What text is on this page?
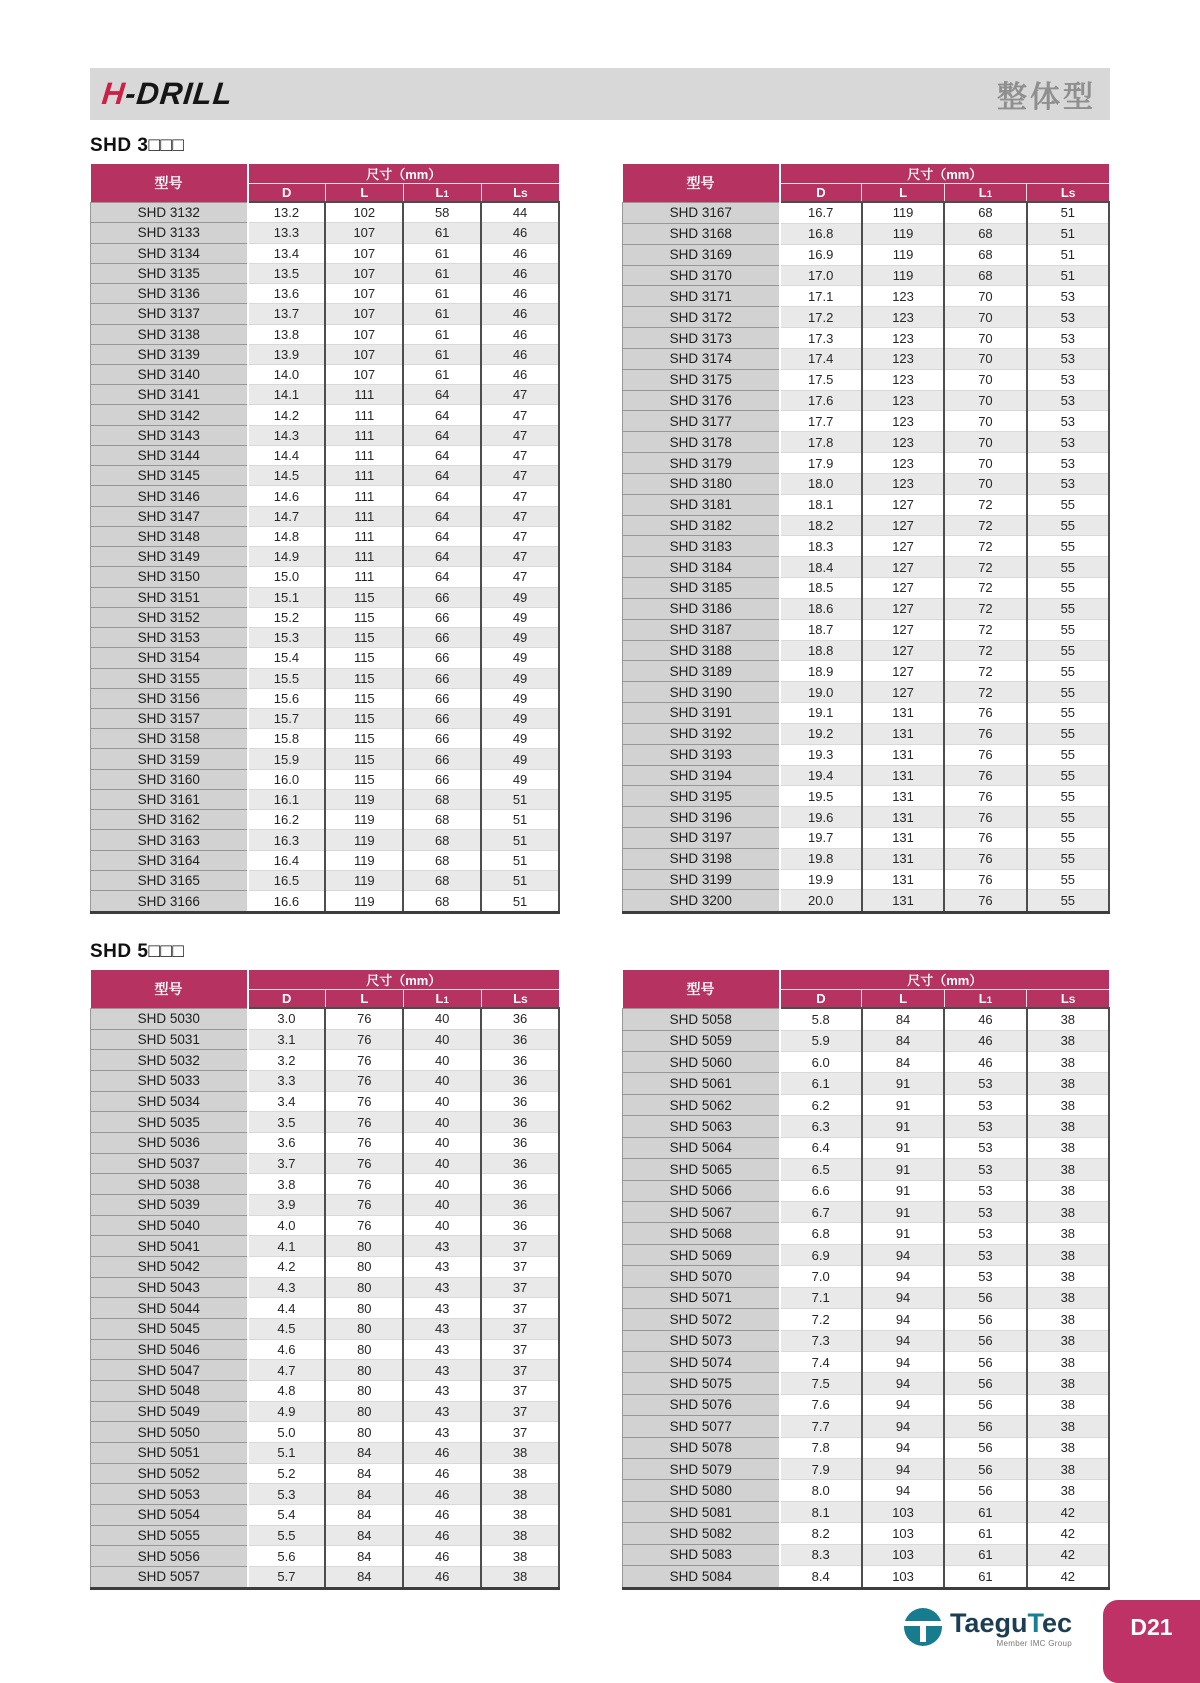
H-DRILL	整体型
SHD 3□□□
型号	尺寸（mm）			
	D	L	L1	LS
SHD 3132	13.2	102	58	44
SHD 3133	13.3	107	61	46
SHD 3134	13.4	107	61	46
SHD 3135	13.5	107	61	46
SHD 3136	13.6	107	61	46
SHD 3137	13.7	107	61	46
SHD 3138	13.8	107	61	46
SHD 3139	13.9	107	61	46
SHD 3140	14.0	107	61	46
SHD 3141	14.1	111	64	47
SHD 3142	14.2	111	64	47
SHD 3143	14.3	111	64	47
SHD 3144	14.4	111	64	47
SHD 3145	14.5	111	64	47
SHD 3146	14.6	111	64	47
SHD 3147	14.7	111	64	47
SHD 3148	14.8	111	64	47
SHD 3149	14.9	111	64	47
SHD 3150	15.0	111	64	47
SHD 3151	15.1	115	66	49
SHD 3152	15.2	115	66	49
SHD 3153	15.3	115	66	49
SHD 3154	15.4	115	66	49
SHD 3155	15.5	115	66	49
SHD 3156	15.6	115	66	49
SHD 3157	15.7	115	66	49
SHD 3158	15.8	115	66	49
SHD 3159	15.9	115	66	49
SHD 3160	16.0	115	66	49
SHD 3161	16.1	119	68	51
SHD 3162	16.2	119	68	51
SHD 3163	16.3	119	68	51
SHD 3164	16.4	119	68	51
SHD 3165	16.5	119	68	51
SHD 3166	16.6	119	68	51
型号	尺寸（mm）			
	D	L	L1	LS
SHD 3167	16.7	119	68	51
SHD 3168	16.8	119	68	51
SHD 3169	16.9	119	68	51
SHD 3170	17.0	119	68	51
SHD 3171	17.1	123	70	53
SHD 3172	17.2	123	70	53
SHD 3173	17.3	123	70	53
SHD 3174	17.4	123	70	53
SHD 3175	17.5	123	70	53
SHD 3176	17.6	123	70	53
SHD 3177	17.7	123	70	53
SHD 3178	17.8	123	70	53
SHD 3179	17.9	123	70	53
SHD 3180	18.0	123	70	53
SHD 3181	18.1	127	72	55
SHD 3182	18.2	127	72	55
SHD 3183	18.3	127	72	55
SHD 3184	18.4	127	72	55
SHD 3185	18.5	127	72	55
SHD 3186	18.6	127	72	55
SHD 3187	18.7	127	72	55
SHD 3188	18.8	127	72	55
SHD 3189	18.9	127	72	55
SHD 3190	19.0	127	72	55
SHD 3191	19.1	131	76	55
SHD 3192	19.2	131	76	55
SHD 3193	19.3	131	76	55
SHD 3194	19.4	131	76	55
SHD 3195	19.5	131	76	55
SHD 3196	19.6	131	76	55
SHD 3197	19.7	131	76	55
SHD 3198	19.8	131	76	55
SHD 3199	19.9	131	76	55
SHD 3200	20.0	131	76	55
SHD 5□□□
型号	尺寸（mm）			
	D	L	L1	LS
SHD 5030	3.0	76	40	36
SHD 5031	3.1	76	40	36
SHD 5032	3.2	76	40	36
SHD 5033	3.3	76	40	36
SHD 5034	3.4	76	40	36
SHD 5035	3.5	76	40	36
SHD 5036	3.6	76	40	36
SHD 5037	3.7	76	40	36
SHD 5038	3.8	76	40	36
SHD 5039	3.9	76	40	36
SHD 5040	4.0	76	40	36
SHD 5041	4.1	80	43	37
SHD 5042	4.2	80	43	37
SHD 5043	4.3	80	43	37
SHD 5044	4.4	80	43	37
SHD 5045	4.5	80	43	37
SHD 5046	4.6	80	43	37
SHD 5047	4.7	80	43	37
SHD 5048	4.8	80	43	37
SHD 5049	4.9	80	43	37
SHD 5050	5.0	80	43	37
SHD 5051	5.1	84	46	38
SHD 5052	5.2	84	46	38
SHD 5053	5.3	84	46	38
SHD 5054	5.4	84	46	38
SHD 5055	5.5	84	46	38
SHD 5056	5.6	84	46	38
SHD 5057	5.7	84	46	38
型号	尺寸（mm）			
	D	L	L1	LS
SHD 5058	5.8	84	46	38
SHD 5059	5.9	84	46	38
SHD 5060	6.0	84	46	38
SHD 5061	6.1	91	53	38
SHD 5062	6.2	91	53	38
SHD 5063	6.3	91	53	38
SHD 5064	6.4	91	53	38
SHD 5065	6.5	91	53	38
SHD 5066	6.6	91	53	38
SHD 5067	6.7	91	53	38
SHD 5068	6.8	91	53	38
SHD 5069	6.9	94	53	38
SHD 5070	7.0	94	53	38
SHD 5071	7.1	94	56	38
SHD 5072	7.2	94	56	38
SHD 5073	7.3	94	56	38
SHD 5074	7.4	94	56	38
SHD 5075	7.5	94	56	38
SHD 5076	7.6	94	56	38
SHD 5077	7.7	94	56	38
SHD 5078	7.8	94	56	38
SHD 5079	7.9	94	56	38
SHD 5080	8.0	94	56	38
SHD 5081	8.1	103	61	42
SHD 5082	8.2	103	61	42
SHD 5083	8.3	103	61	42
SHD 5084	8.4	103	61	42
TaeguTec
Member IMC Group
D21
